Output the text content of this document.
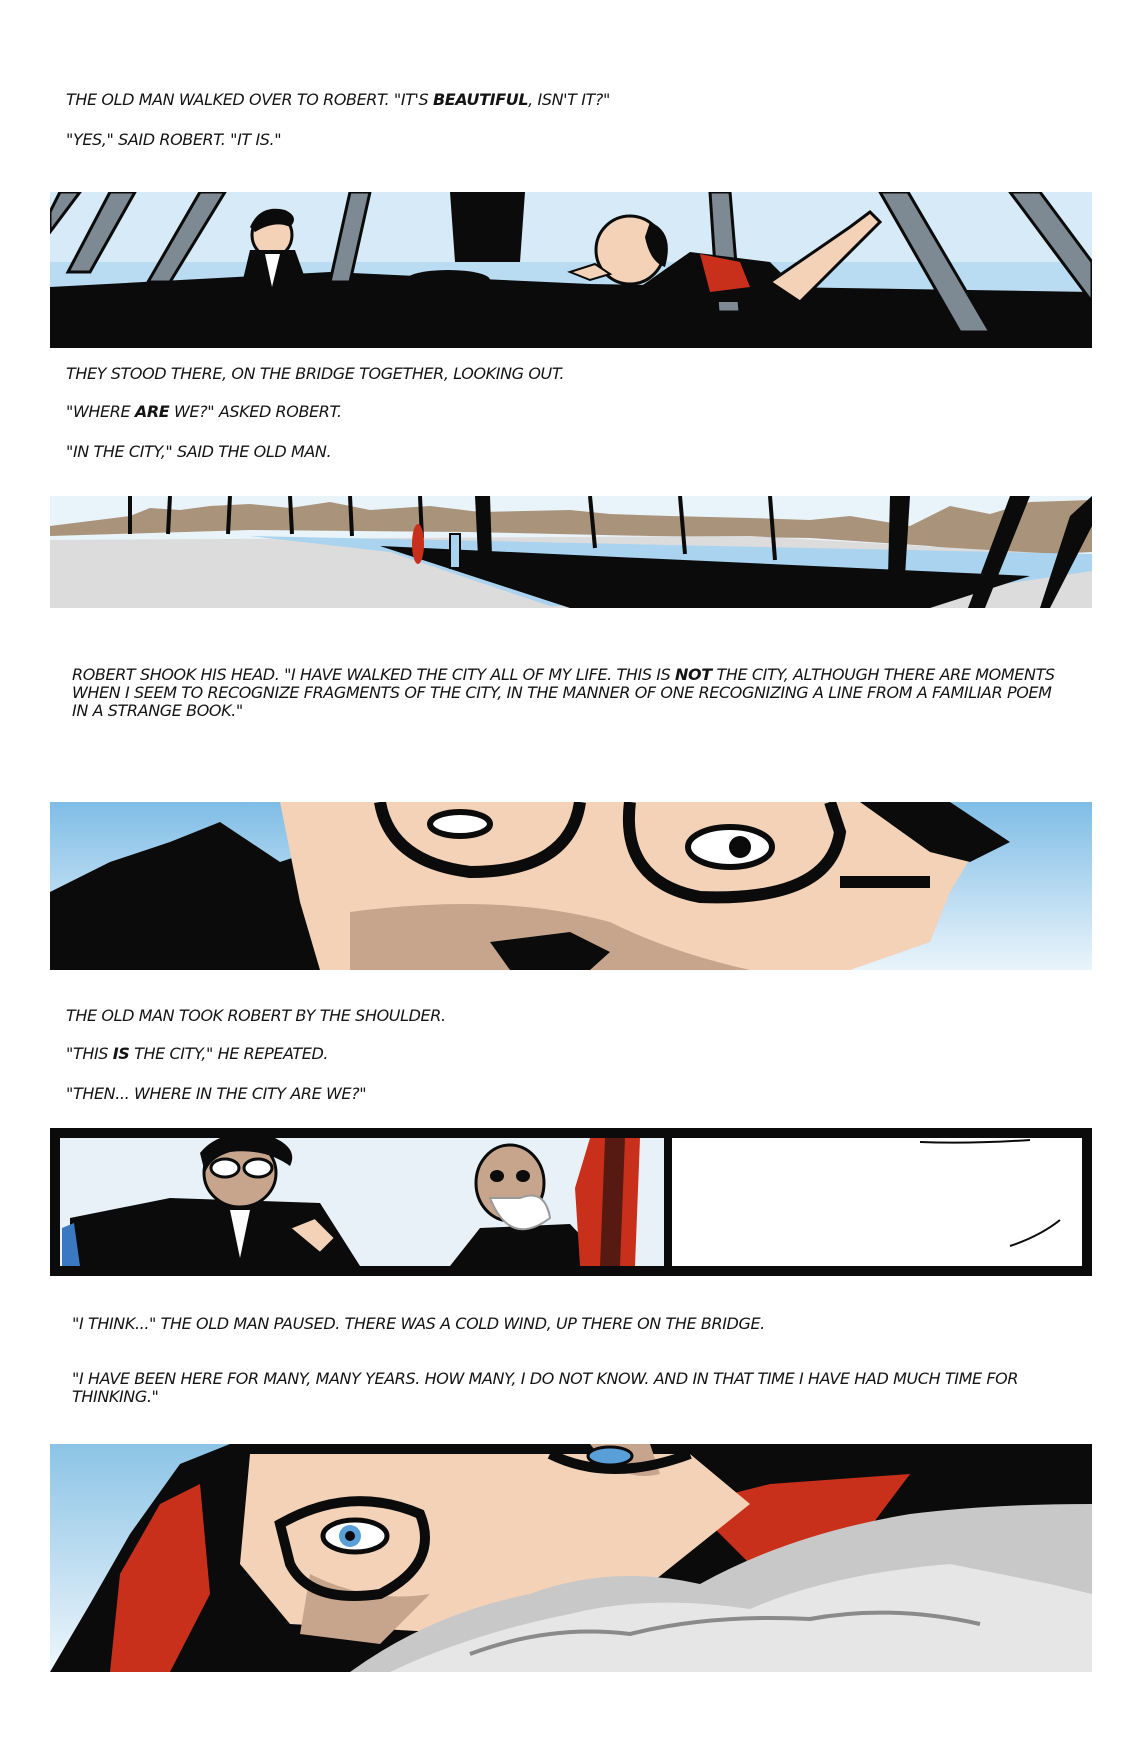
THE OLD MAN WALKED OVER TO ROBERT. "IT'S BEAUTIFUL, ISN'T IT?"
"YES," SAID ROBERT. "IT IS."
THEY STOOD THERE, ON THE BRIDGE TOGETHER, LOOKING OUT.
"WHERE ARE WE?" ASKED ROBERT.
"IN THE CITY," SAID THE OLD MAN.
ROBERT SHOOK HIS HEAD. "I HAVE WALKED THE CITY ALL OF MY LIFE. THIS IS NOT THE CITY, ALTHOUGH THERE ARE MOMENTS WHEN I SEEM TO RECOGNIZE FRAGMENTS OF THE CITY, IN THE MANNER OF ONE RECOGNIZING A LINE FROM A FAMILIAR POEM IN A STRANGE BOOK."
THE OLD MAN TOOK ROBERT BY THE SHOULDER.
"THIS IS THE CITY," HE REPEATED.
"THEN... WHERE IN THE CITY ARE WE?"
"I THINK..." THE OLD MAN PAUSED. THERE WAS A COLD WIND, UP THERE ON THE BRIDGE.
"I HAVE BEEN HERE FOR MANY, MANY YEARS. HOW MANY, I DO NOT KNOW. AND IN THAT TIME I HAVE HAD MUCH TIME FOR THINKING."
